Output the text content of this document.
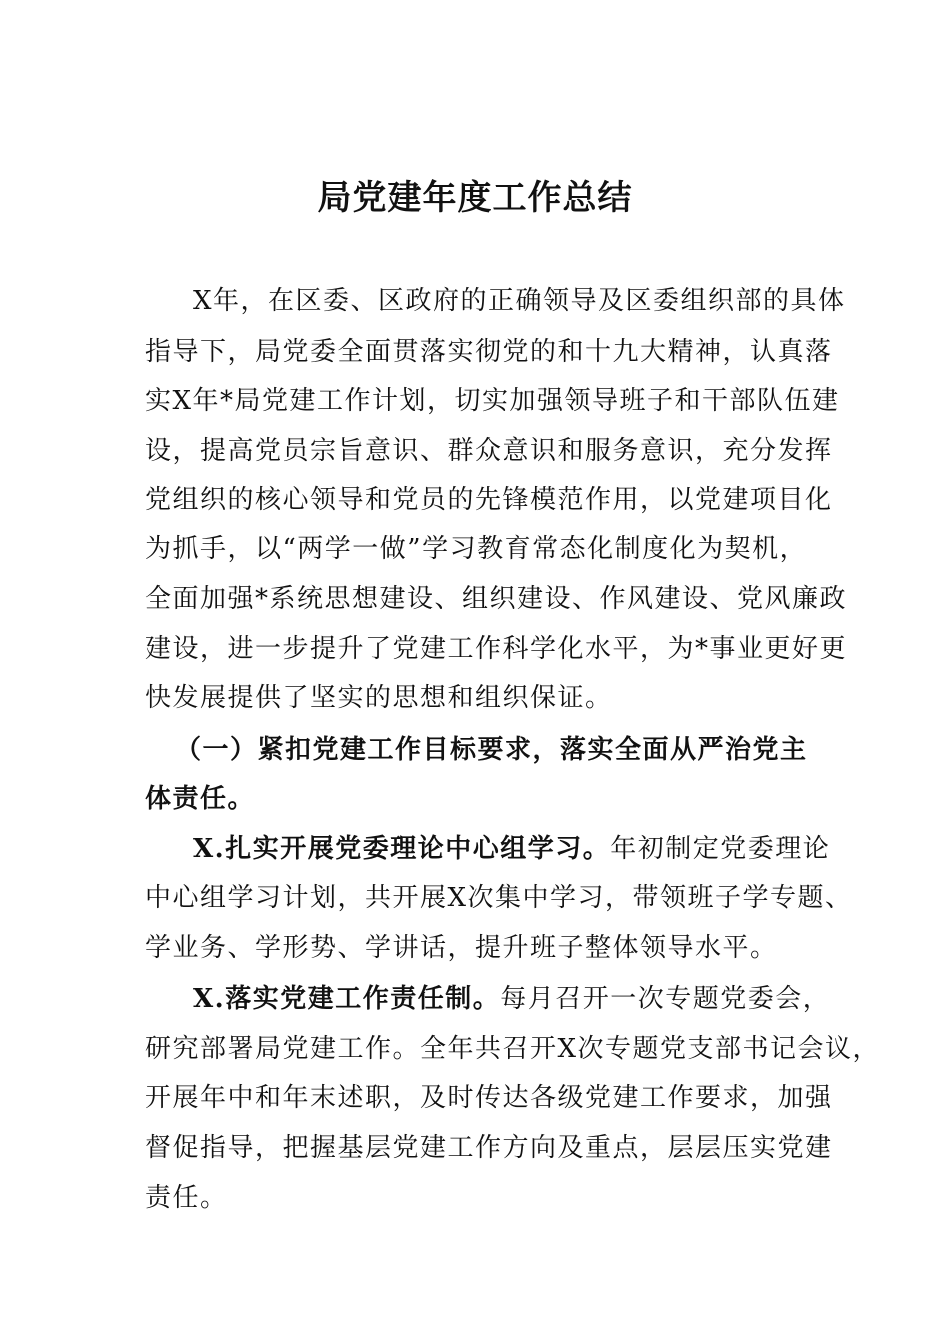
局党建年度工作总结

X年，在区委、区政府的正确领导及区委组织部的具体

指导下，局党委全面贯落实彻党的和十九大精神，认真落

实X年*局党建工作计划，切实加强领导班子和干部队伍建

设，提高党员宗旨意识、群众意识和服务意识，充分发挥

党组织的核心领导和党员的先锋模范作用，以党建项目化

为抓手，以“两学一做”学习教育常态化制度化为契机，

全面加强*系统思想建设、组织建设、作风建设、党风廉政

建设，进一步提升了党建工作科学化水平，为*事业更好更

快发展提供了坚实的思想和组织保证。

（一）紧扣党建工作目标要求，落实全面从严治党主

体责任。

X.扎实开展党委理论中心组学习。年初制定党委理论

中心组学习计划，共开展X次集中学习，带领班子学专题、

学业务、学形势、学讲话，提升班子整体领导水平。

X.落实党建工作责任制。每月召开一次专题党委会，

研究部署局党建工作。全年共召开X次专题党支部书记会议，

开展年中和年末述职，及时传达各级党建工作要求，加强

督促指导，把握基层党建工作方向及重点，层层压实党建

责任。
